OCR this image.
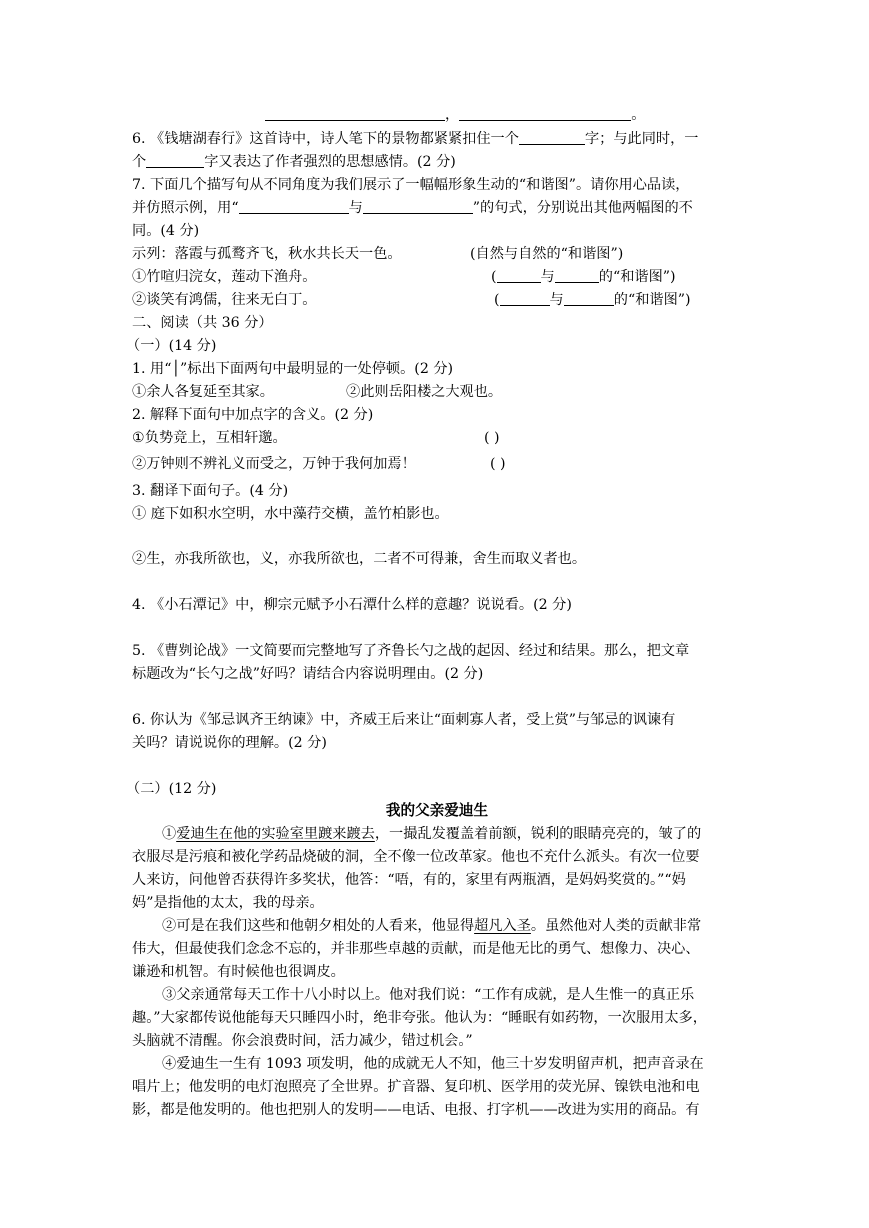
，	。
6. 《钱塘湖春行》这首诗中，诗人笔下的景物都紧紧扣住一个	字；与此同时，一
个	字又表达了作者强烈的思想感情。(2 分)
7. 下面几个描写句从不同角度为我们展示了一幅幅形象生动的“和谐图”。请你用心品读，
并仿照示例，用“	与	”的句式，分别说出其他两幅图的不
同。(4 分)
示列：落霞与孤鹜齐飞，秋水共长天一色。	(自然与自然的“和谐图”)
①竹喧归浣女，莲动下渔舟。	(	与	的“和谐图”)
②谈笑有鸿儒，往来无白丁。	(	与	的“和谐图”)
二、阅读（共 36 分）
（一）(14 分)
1. 用“│”标出下面两句中最明显的一处停顿。(2 分)
①余人各复延至其家。	②此则岳阳楼之大观也。
2. 解释下面句中加点字的含义。(2 分)
①负势竞上，互相轩邈。	( )
②万钟则不辨礼义而受之，万钟于我何加焉！	( )
3. 翻译下面句子。(4 分)
① 庭下如积水空明，水中藻荇交横，盖竹柏影也。
②生，亦我所欲也，义，亦我所欲也，二者不可得兼，舍生而取义者也。
4. 《小石潭记》中，柳宗元赋予小石潭什么样的意趣？说说看。(2 分)
5. 《曹刿论战》一文简要而完整地写了齐鲁长勺之战的起因、经过和结果。那么，把文章
标题改为“长勺之战”好吗？请结合内容说明理由。(2 分)
6. 你认为《邹忌讽齐王纳谏》中，齐威王后来让“面刺寡人者，受上赏”与邹忌的讽谏有
关吗？请说说你的理解。(2 分)
（二）(12 分)
我的父亲爱迪生
①爱迪生在他的实验室里踱来踱去，一撮乱发覆盖着前额，锐利的眼睛亮亮的，皱了的
衣服尽是污痕和被化学药品烧破的洞，全不像一位改革家。他也不充什么派头。有次一位要
人来访，问他曾否获得许多奖状，他答：“唔，有的，家里有两瓶酒，是妈妈奖赏的。”“妈
妈”是指他的太太，我的母亲。
②可是在我们这些和他朝夕相处的人看来，他显得超凡入圣。虽然他对人类的贡献非常
伟大，但最使我们念念不忘的，并非那些卓越的贡献，而是他无比的勇气、想像力、决心、
谦逊和机智。有时候他也很调皮。
③父亲通常每天工作十八小时以上。他对我们说：“工作有成就，是人生惟一的真正乐
趣。”大家都传说他能每天只睡四小时，绝非夸张。他认为：“睡眠有如药物，一次服用太多，
头脑就不清醒。你会浪费时间，活力减少，错过机会。”
④爱迪生一生有 1093 项发明，他的成就无人不知，他三十岁发明留声机，把声音录在
唱片上；他发明的电灯泡照亮了全世界。扩音器、复印机、医学用的荧光屏、镍铁电池和电
影，都是他发明的。他也把别人的发明——电话、电报、打字机——改进为实用的商品。有
